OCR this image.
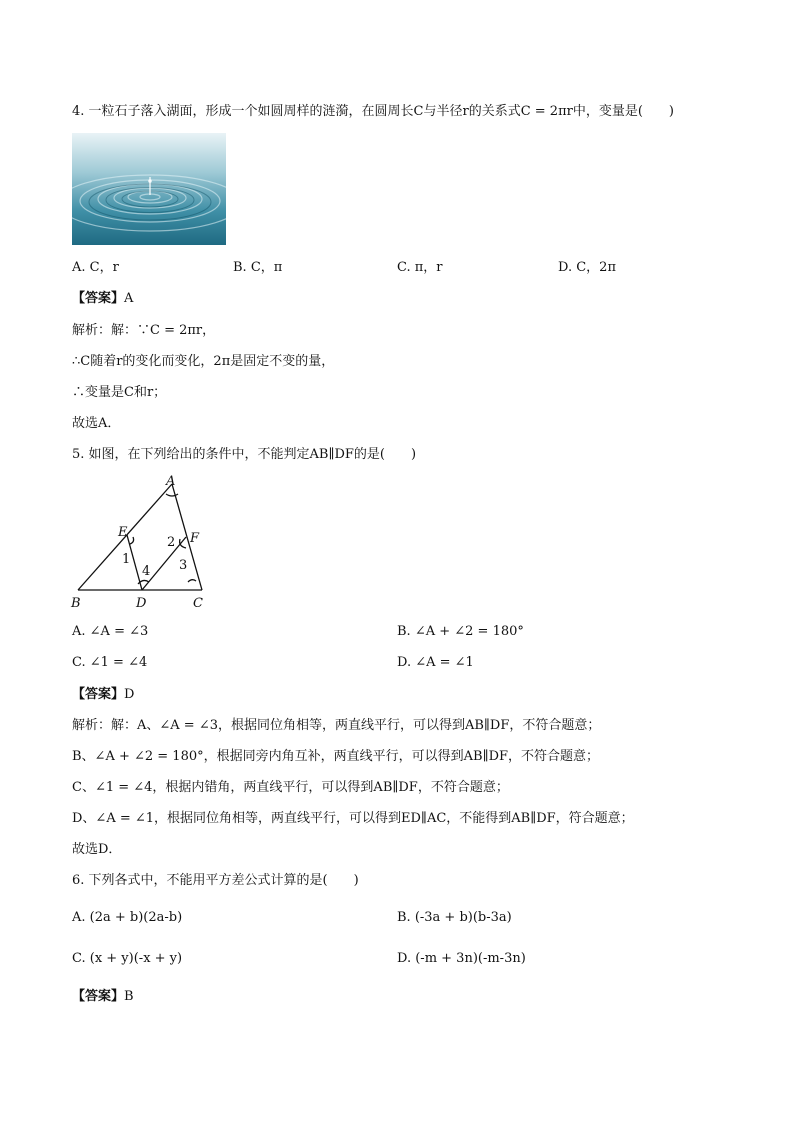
4. 一粒石子落入湖面，形成一个如圆周样的涟漪，在圆周长C与半径r的关系式C = 2πr中，变量是(　　)
A. C，r	B. C，π	C. π，r	D. C，2π
【答案】A
解析：解：∵C = 2πr，
∴C随着r的变化而变化，2π是固定不变的量，
∴变量是C和r；
故选A．
5. 如图，在下列给出的条件中，不能判定AB∥DF的是(　　)
A
B	C
D
E	F
1
2
3
4
A. ∠A = ∠3	B. ∠A + ∠2 = 180°
C. ∠1 = ∠4	D. ∠A = ∠1
【答案】D
解析：解：A、∠A = ∠3，根据同位角相等，两直线平行，可以得到AB∥DF，不符合题意；
B、∠A + ∠2 = 180°，根据同旁内角互补，两直线平行，可以得到AB∥DF，不符合题意；
C、∠1 = ∠4，根据内错角，两直线平行，可以得到AB∥DF，不符合题意；
D、∠A = ∠1，根据同位角相等，两直线平行，可以得到ED∥AC，不能得到AB∥DF，符合题意；
故选D．
6. 下列各式中，不能用平方差公式计算的是(　　)
A. (2a + b)(2a-b)	B. (-3a + b)(b-3a)
C. (x + y)(-x + y)	D. (-m + 3n)(-m-3n)
【答案】B
